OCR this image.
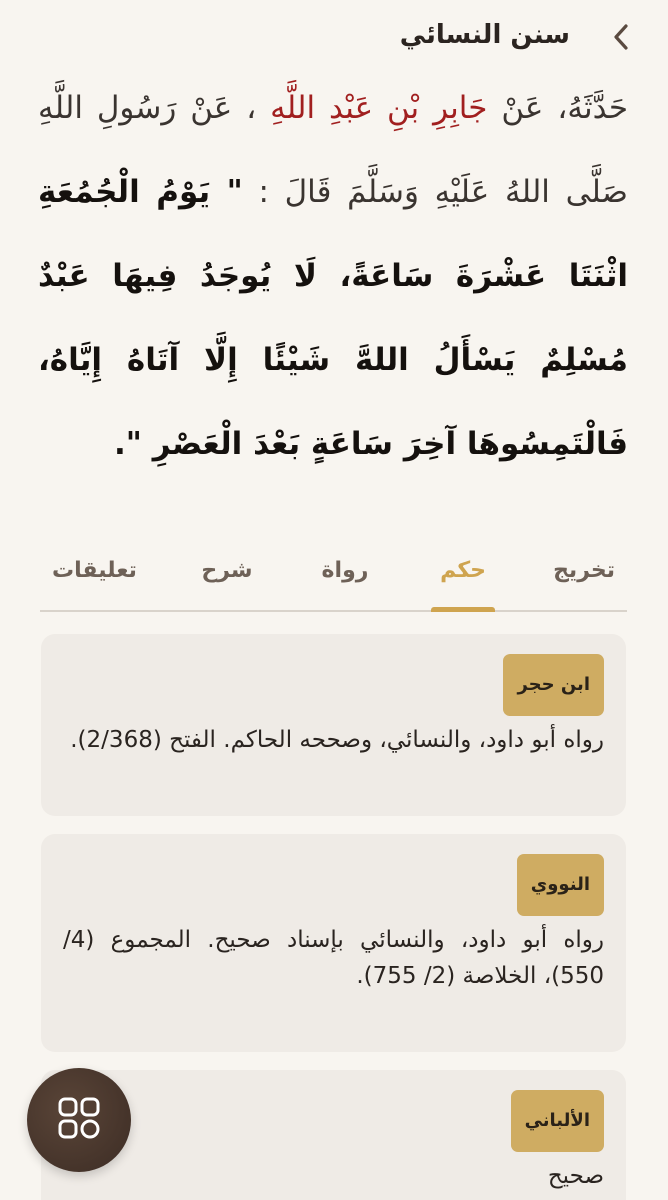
سنن النسائي
حَدَّثَهُ، عَنْ جَابِرِ بْنِ عَبْدِ اللَّهِ ، عَنْ رَسُولِ اللَّهِ صَلَّى اللهُ عَلَيْهِ وَسَلَّمَ قَالَ : " يَوْمُ الْجُمُعَةِ اثْنَتَا عَشْرَةَ سَاعَةً، لَا يُوجَدُ فِيهَا عَبْدٌ مُسْلِمٌ يَسْأَلُ اللهَّ شَيْئًا إِلَّا آتَاهُ إِيَّاهُ، فَالْتَمِسُوهَا آخِرَ سَاعَةٍ بَعْدَ الْعَصْرِ ".
تخريج
حكم
رواة
شرح
تعليقات
ابن حجر
رواه أبو داود، والنسائي، وصححه الحاكم. الفتح (2/368).
النووي
رواه أبو داود، والنسائي بإسناد صحيح. المجموع (4/ 550)، الخلاصة (2/ 755).
الألباني
صحيح
